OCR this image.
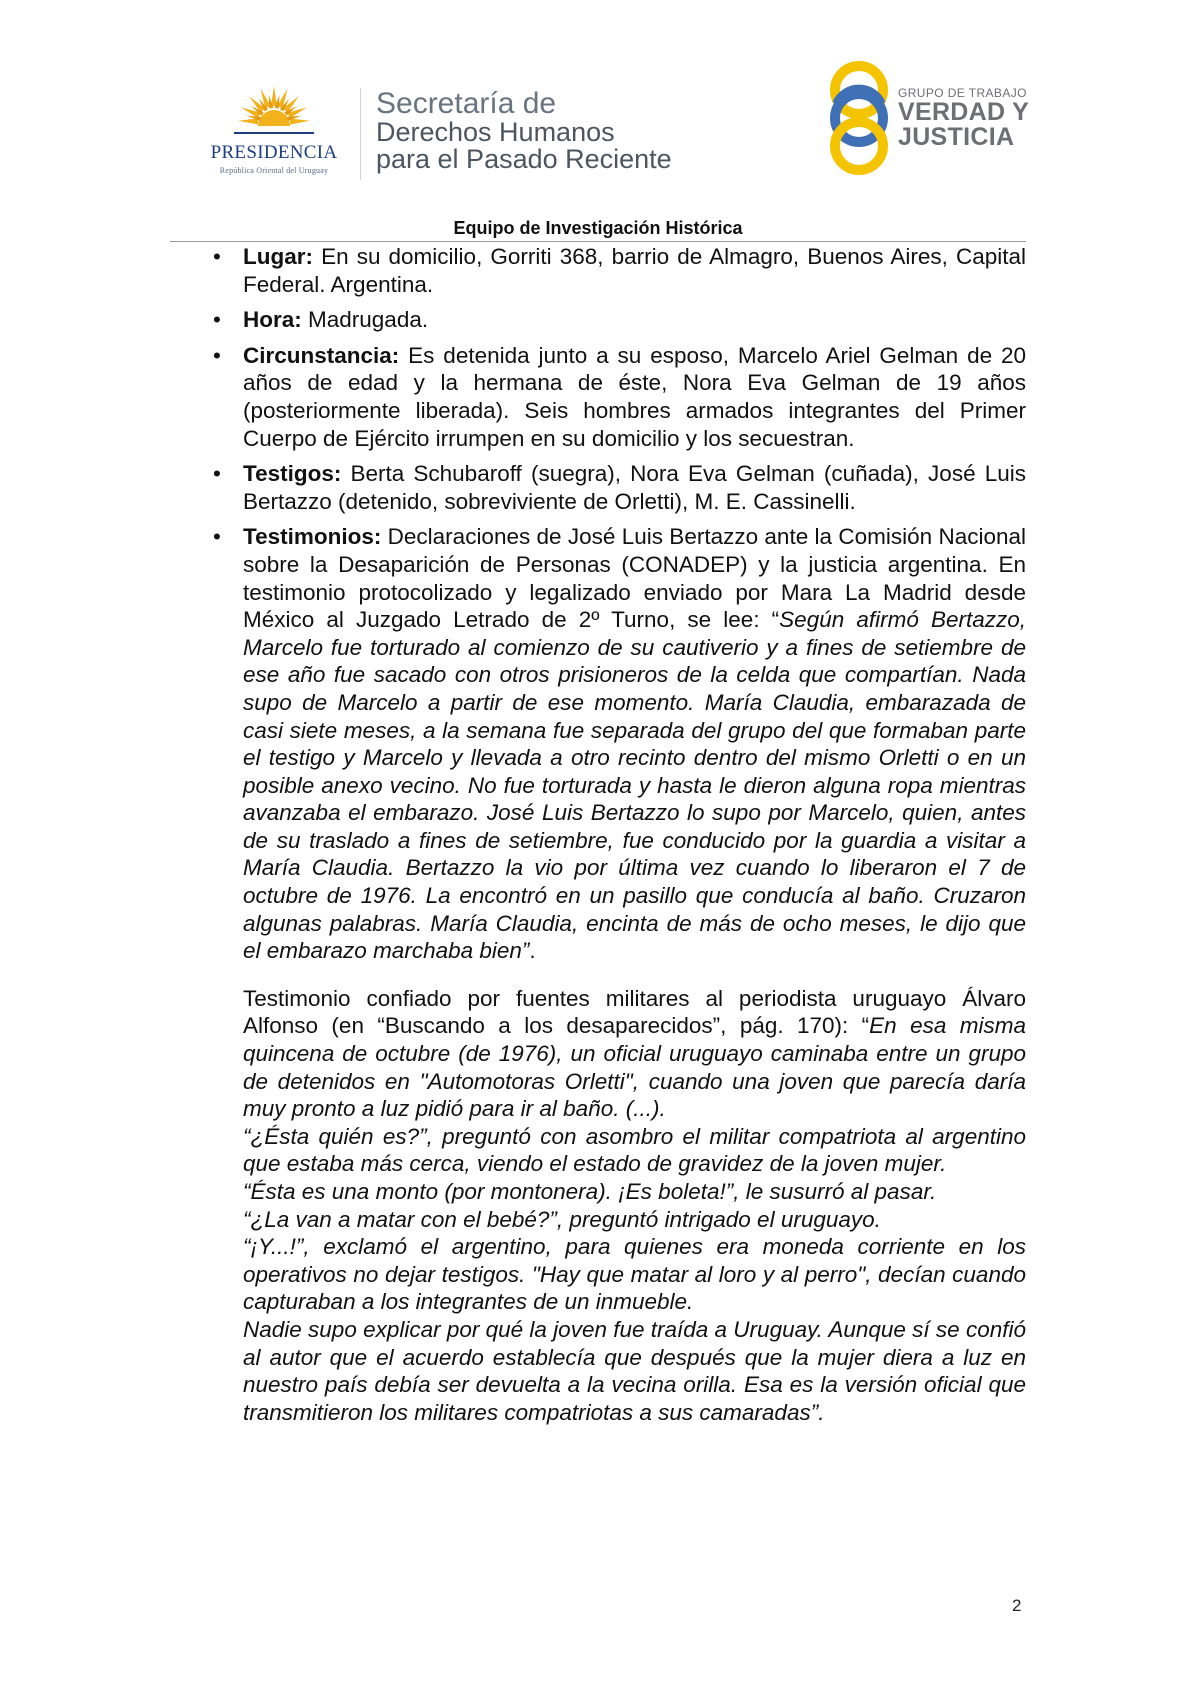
PRESIDENCIA
República Oriental del Uruguay
Secretaría de
Derechos Humanos
para el Pasado Reciente
GRUPO DE TRABAJO
VERDAD Y
JUSTICIA
Equipo de Investigación Histórica
• Lugar: En su domicilio, Gorriti 368, barrio de Almagro, Buenos Aires, Capital Federal. Argentina.
• Hora: Madrugada.
• Circunstancia: Es detenida junto a su esposo, Marcelo Ariel Gelman de 20 años de edad y la hermana de éste, Nora Eva Gelman de 19 años (posteriormente liberada). Seis hombres armados integrantes del Primer Cuerpo de Ejército irrumpen en su domicilio y los secuestran.
• Testigos: Berta Schubaroff (suegra), Nora Eva Gelman (cuñada), José Luis Bertazzo (detenido, sobreviviente de Orletti), M. E. Cassinelli.
• Testimonios: Declaraciones de José Luis Bertazzo ante la Comisión Nacional sobre la Desaparición de Personas (CONADEP) y la justicia argentina. En testimonio protocolizado y legalizado enviado por Mara La Madrid desde México al Juzgado Letrado de 2º Turno, se lee: “Según afirmó Bertazzo, Marcelo fue torturado al comienzo de su cautiverio y a fines de setiembre de ese año fue sacado con otros prisioneros de la celda que compartían. Nada supo de Marcelo a partir de ese momento. María Claudia, embarazada de casi siete meses, a la semana fue separada del grupo del que formaban parte el testigo y Marcelo y llevada a otro recinto dentro del mismo Orletti o en un posible anexo vecino. No fue torturada y hasta le dieron alguna ropa mientras avanzaba el embarazo. José Luis Bertazzo lo supo por Marcelo, quien, antes de su traslado a fines de setiembre, fue conducido por la guardia a visitar a María Claudia. Bertazzo la vio por última vez cuando lo liberaron el 7 de octubre de 1976. La encontró en un pasillo que conducía al baño. Cruzaron algunas palabras. María Claudia, encinta de más de ocho meses, le dijo que el embarazo marchaba bien”.
Testimonio confiado por fuentes militares al periodista uruguayo Álvaro Alfonso (en “Buscando a los desaparecidos”, pág. 170): “En esa misma quincena de octubre (de 1976), un oficial uruguayo caminaba entre un grupo de detenidos en "Automotoras Orletti", cuando una joven que parecía daría muy pronto a luz pidió para ir al baño. (...).
“¿Ésta quién es?”, preguntó con asombro el militar compatriota al argentino que estaba más cerca, viendo el estado de gravidez de la joven mujer.
“Ésta es una monto (por montonera). ¡Es boleta!”, le susurró al pasar.
“¿La van a matar con el bebé?”, preguntó intrigado el uruguayo.
“¡Y...!”, exclamó el argentino, para quienes era moneda corriente en los operativos no dejar testigos. "Hay que matar al loro y al perro", decían cuando capturaban a los integrantes de un inmueble.
Nadie supo explicar por qué la joven fue traída a Uruguay. Aunque sí se confió al autor que el acuerdo establecía que después que la mujer diera a luz en nuestro país debía ser devuelta a la vecina orilla. Esa es la versión oficial que transmitieron los militares compatriotas a sus camaradas”.
2
